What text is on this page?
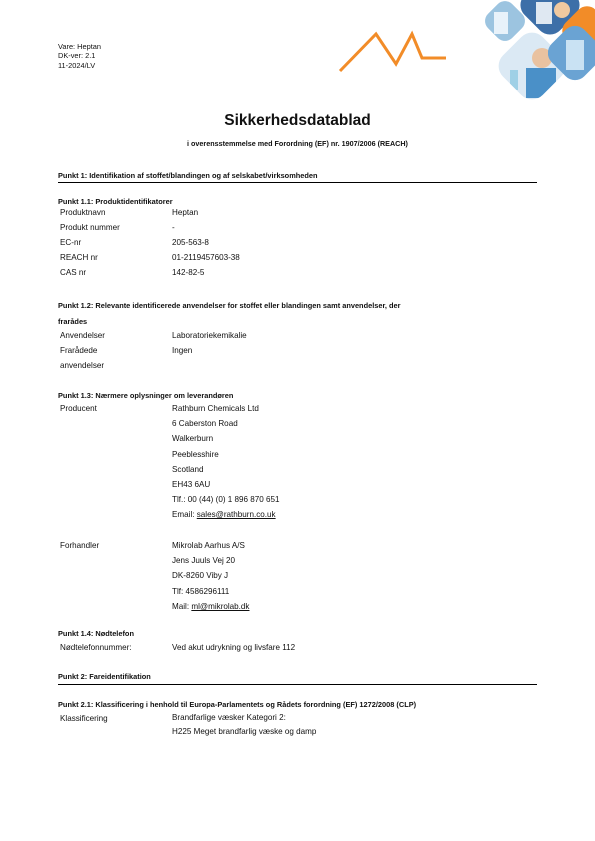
Vare: Heptan
DK-ver: 2.1
11-2024/LV
Sikkerhedsdatablad
i overensstemmelse med Forordning (EF) nr. 1907/2006 (REACH)
Punkt 1: Identifikation af stoffet/blandingen og af selskabet/virksomheden
Punkt 1.1: Produktidentifikatorer
Produktnavn	Heptan
Produkt nummer	-
EC-nr	205-563-8
REACH nr	01-2119457603-38
CAS nr	142-82-5
Punkt 1.2: Relevante identificerede anvendelser for stoffet eller blandingen samt anvendelser, der
frarådes
Anvendelser	Laboratoriekemikalie
Frarådede	Ingen
anvendelser
Punkt 1.3: Nærmere oplysninger om leverandøren
Producent	Rathburn Chemicals Ltd
6 Caberston Road
Walkerburn
Peeblesshire
Scotland
EH43 6AU
Tlf.: 00 (44) (0) 1 896 870 651
Email: sales@rathburn.co.uk
Forhandler	Mikrolab Aarhus A/S
Jens Juuls Vej 20
DK-8260 Viby J
Tlf: 4586296111
Mail: ml@mikrolab.dk
Punkt 1.4: Nødtelefon
Nødtelefonnummer:	Ved akut udrykning og livsfare 112
Punkt 2: Fareidentifikation
Punkt 2.1: Klassificering i henhold til Europa-Parlamentets og Rådets forordning (EF) 1272/2008 (CLP)
Klassificering	Brandfarlige væsker Kategori 2:
H225 Meget brandfarlig væske og damp
